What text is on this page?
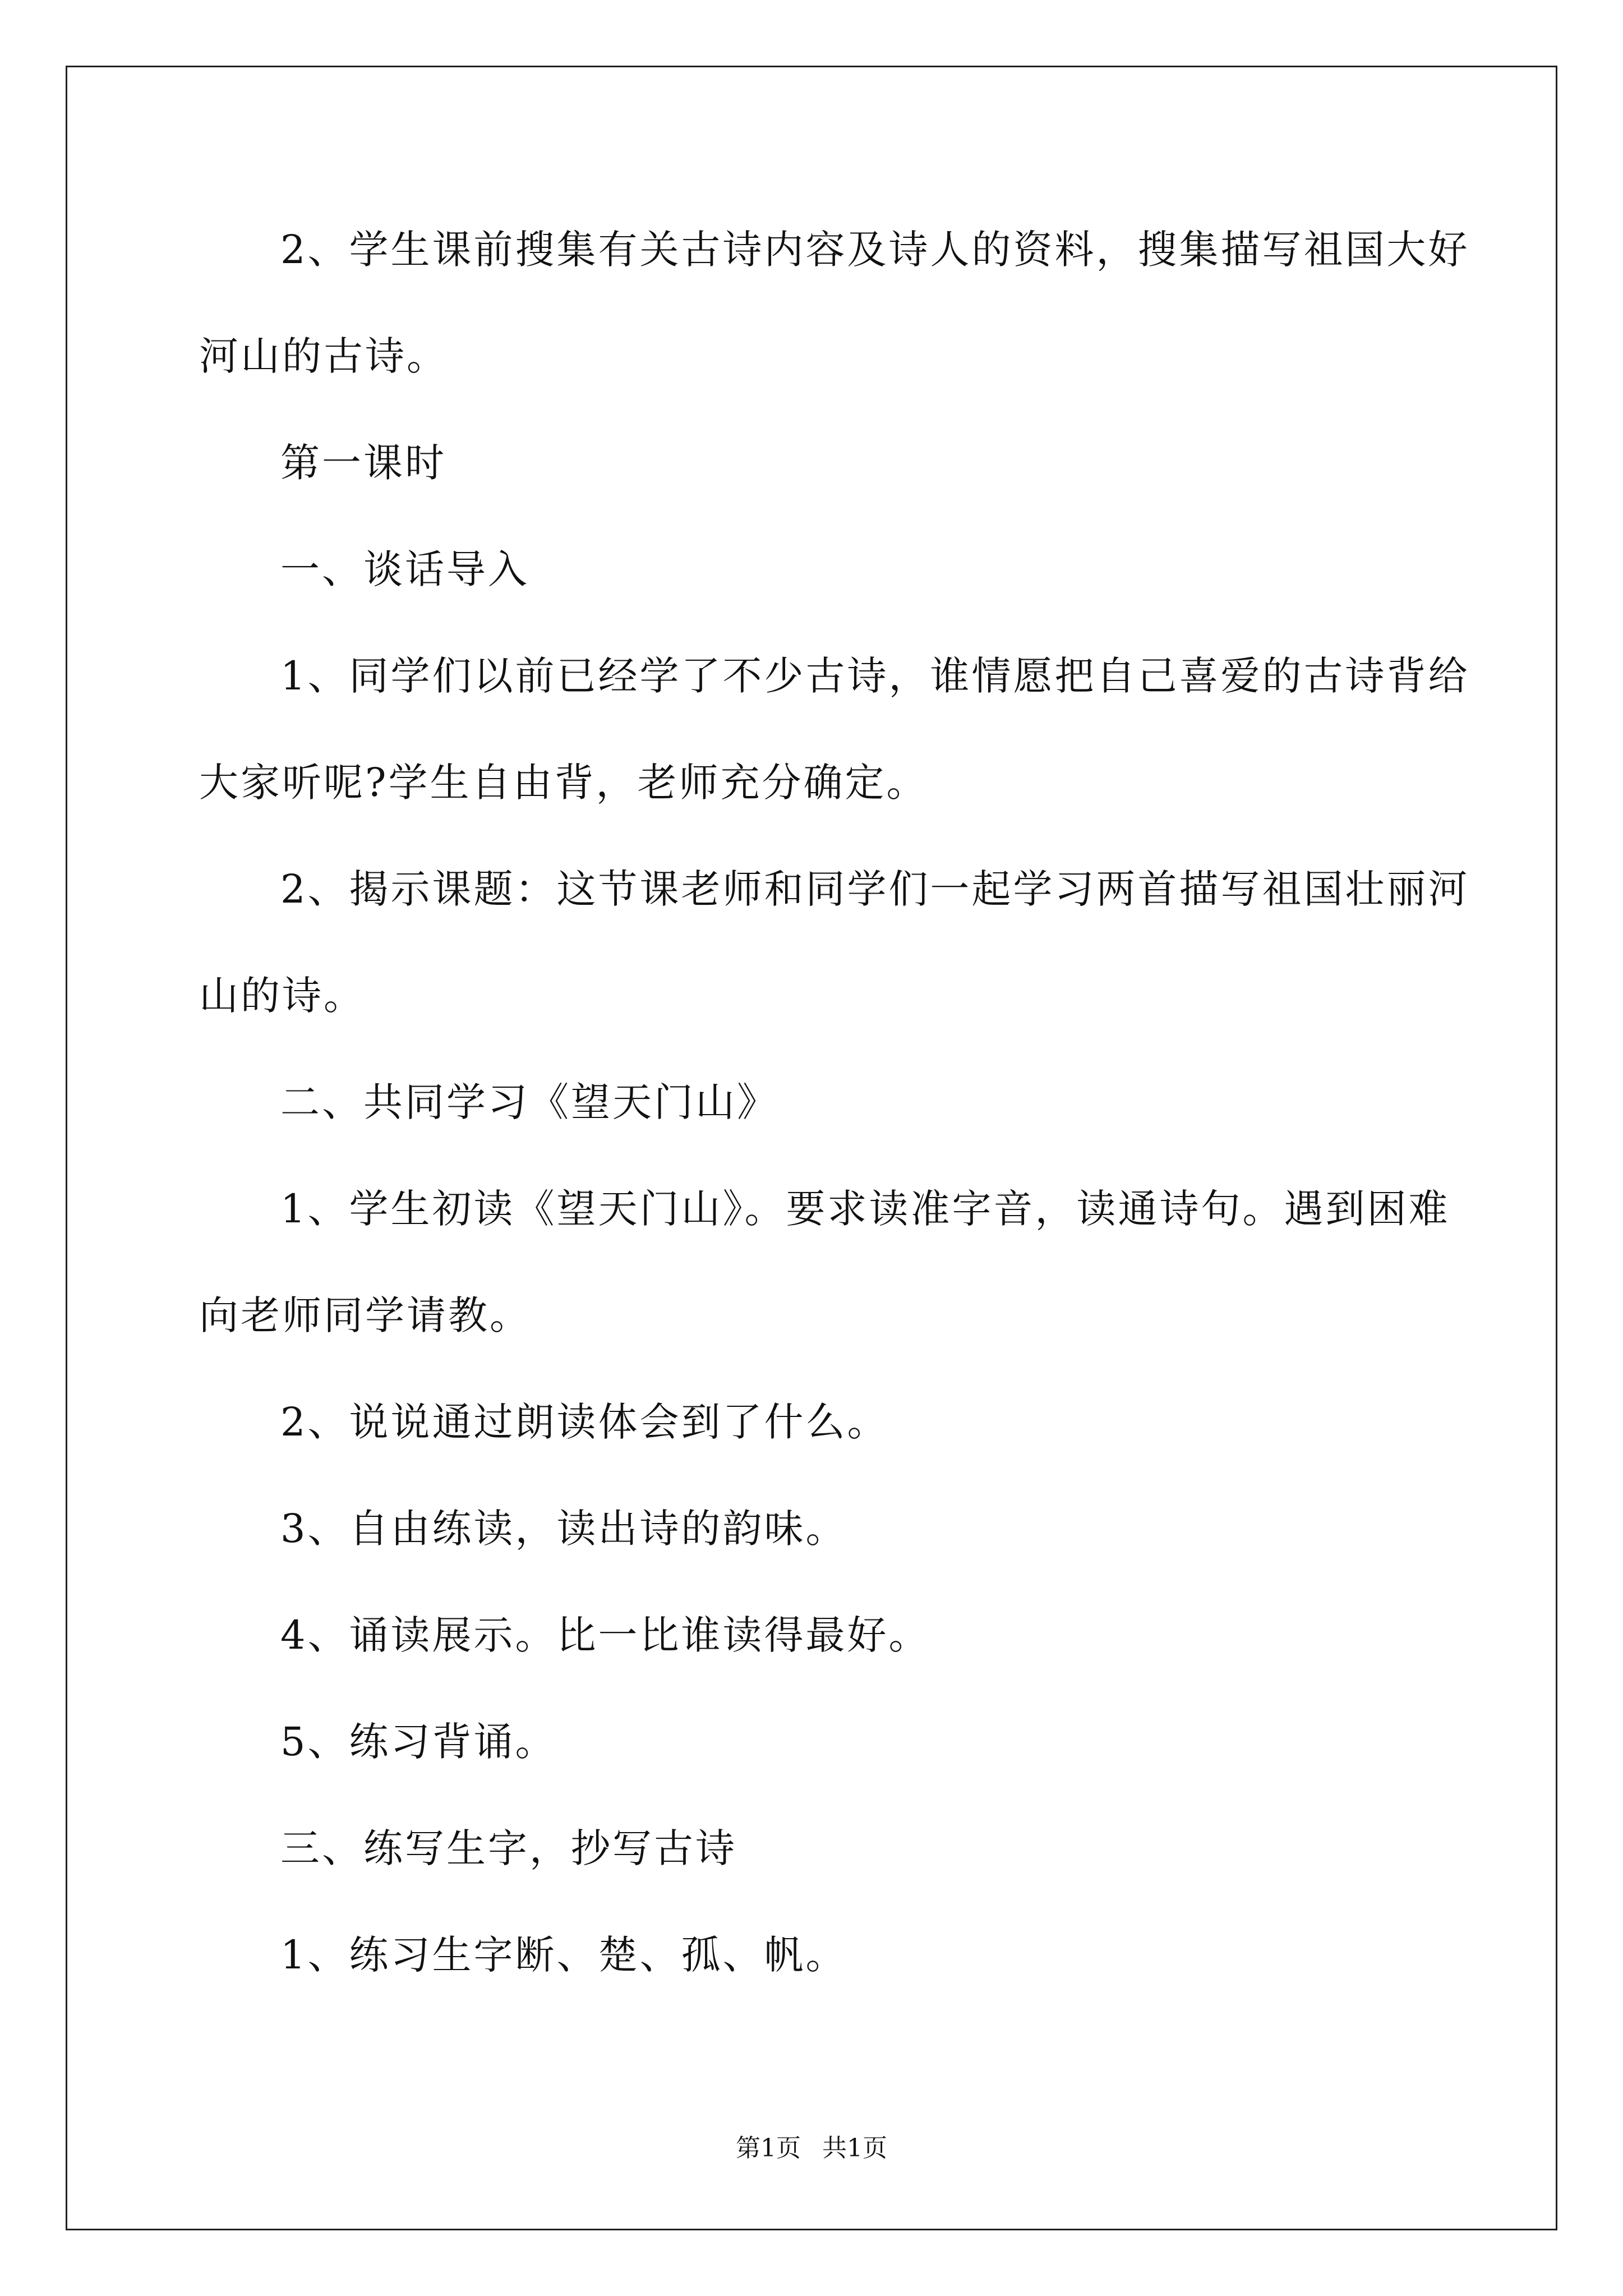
2、学生课前搜集有关古诗内容及诗人的资料，搜集描写祖国大好
河山的古诗。
第一课时
一、谈话导入
1、同学们以前已经学了不少古诗，谁情愿把自己喜爱的古诗背给
大家听呢?学生自由背，老师充分确定。
2、揭示课题：这节课老师和同学们一起学习两首描写祖国壮丽河
山的诗。
二、共同学习《望天门山》
1、学生初读《望天门山》。要求读准字音，读通诗句。遇到困难
向老师同学请教。
2、说说通过朗读体会到了什么。
3、自由练读，读出诗的韵味。
4、诵读展示。比一比谁读得最好。
5、练习背诵。
三、练写生字，抄写古诗
1、练习生字断、楚、孤、帆。
第1页 共1页
